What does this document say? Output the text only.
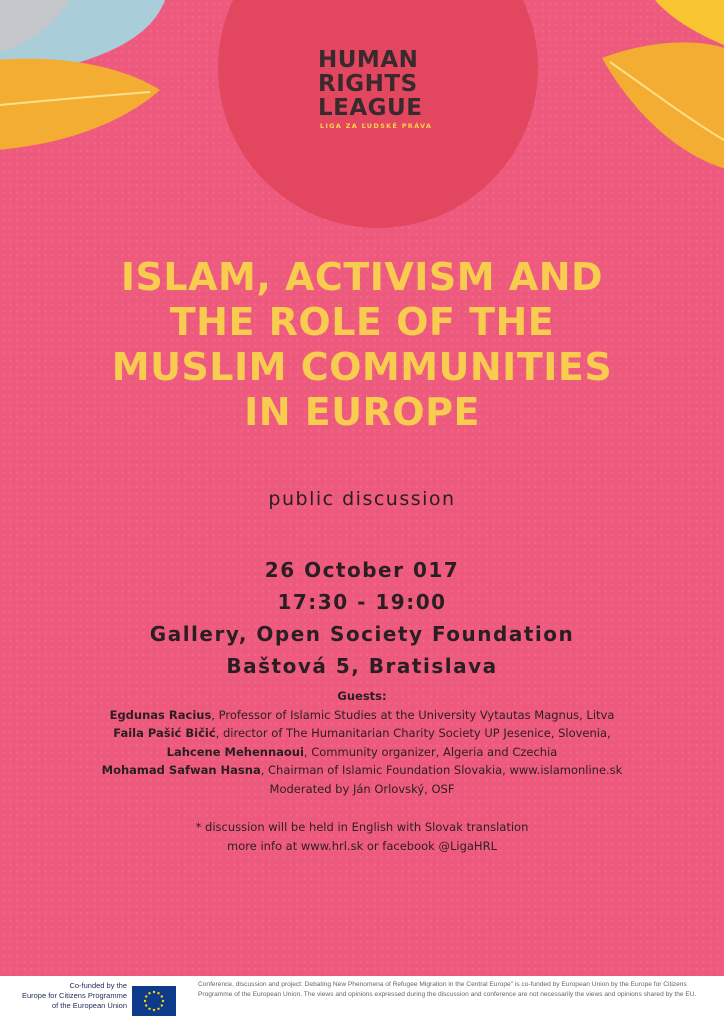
HUMAN
RIGHTS
LEAGUE
LIGA ZA ĽUDSKÉ PRÁVA
ISLAM, ACTIVISM AND
THE ROLE OF THE
MUSLIM COMMUNITIES
IN EUROPE
public discussion
26 October 017
17:30 - 19:00
Gallery, Open Society Foundation
Baštová 5, Bratislava
Guests:
Egdunas Racius, Professor of Islamic Studies at the University Vytautas Magnus, Litva
Faila Pašić Bičić, director of The Humanitarian Charity Society UP Jesenice, Slovenia,
Lahcene Mehennaoui, Community organizer, Algeria and Czechia
Mohamad Safwan Hasna, Chairman of Islamic Foundation Slovakia, www.islamonline.sk
Moderated by Ján Orlovský, OSF
* discussion will be held in English with Slovak translation
more info at www.hrl.sk or facebook @LigaHRL
Co-funded by the
Europe for Citizens Programme
of the European Union
Conference, discussion and project: Debating New Phenomena of Refugee Migration in the Central Europe" is co-funded by European Union by the Europe for Citizens Programme of the European Union. The views and opinions expressed during the discussion and conference are not necessarily the views and opinions shared by the EU.
